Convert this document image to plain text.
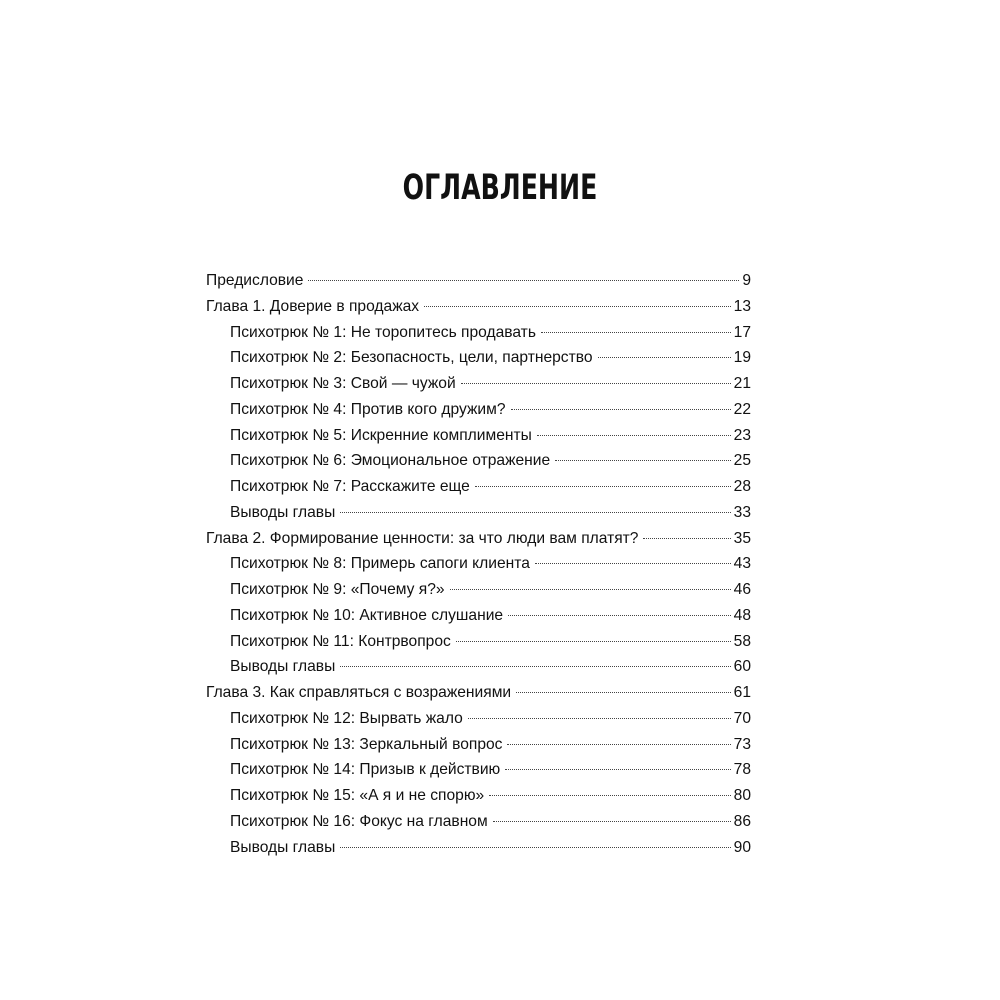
ОГЛАВЛЕНИЕ
Предисловие	9
Глава 1. Доверие в продажах	13
Психотрюк № 1: Не торопитесь продавать	17
Психотрюк № 2: Безопасность, цели, партнерство	19
Психотрюк № 3: Свой — чужой	21
Психотрюк № 4: Против кого дружим?	22
Психотрюк № 5: Искренние комплименты	23
Психотрюк № 6: Эмоциональное отражение	25
Психотрюк № 7: Расскажите еще	28
Выводы главы	33
Глава 2. Формирование ценности: за что люди вам платят?	35
Психотрюк № 8: Примерь сапоги клиента	43
Психотрюк № 9: «Почему я?»	46
Психотрюк № 10: Активное слушание	48
Психотрюк № 11: Контрвопрос	58
Выводы главы	60
Глава 3. Как справляться с возражениями	61
Психотрюк № 12: Вырвать жало	70
Психотрюк № 13: Зеркальный вопрос	73
Психотрюк № 14: Призыв к действию	78
Психотрюк № 15: «А я и не спорю»	80
Психотрюк № 16: Фокус на главном	86
Выводы главы	90
